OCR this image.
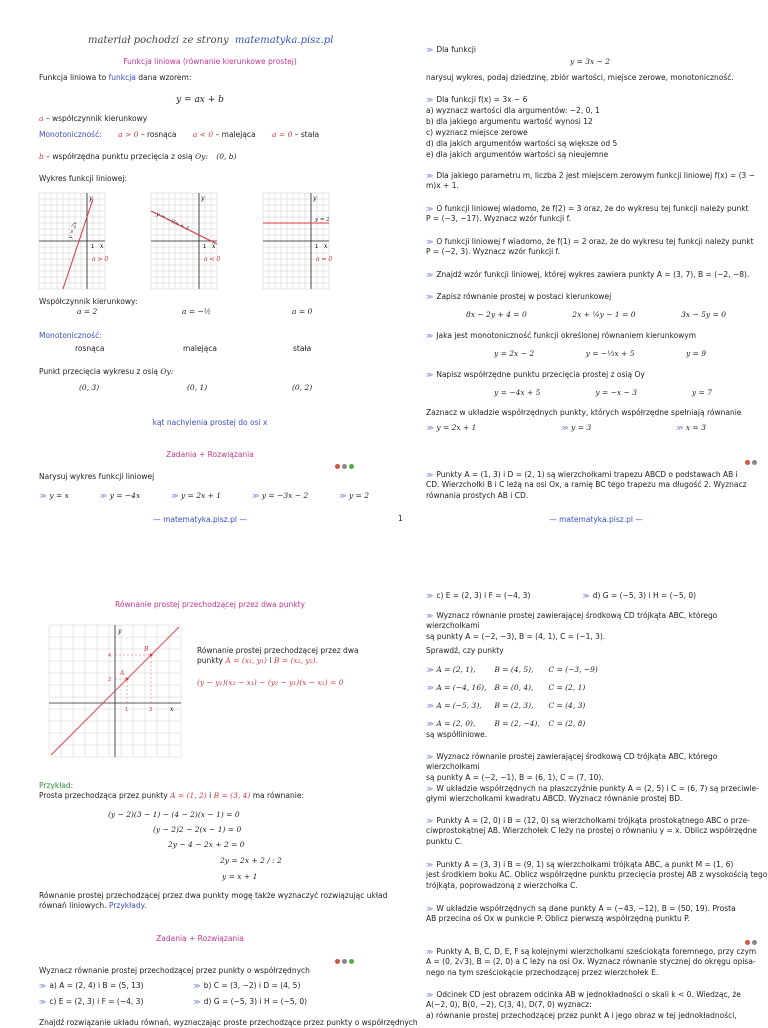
materiał pochodzi ze strony matematyka.pisz.pl
Funkcja liniowa (równanie kierunkowe prostej)
Funkcja liniowa to funkcja dana wzorem:
y = ax + b
a – współczynnik kierunkowy
Monotoniczność: a > 0 – rosnąca a < 0 – malejąca a = 0 – stała
b – współrzędna punktu przecięcia z osią Oy: (0, b)
Wykres funkcji liniowej:
x
y
1
y = 2x
a > 0
x
y
1
y = −½x + 1
a < 0
x
y
1
y = 2
a = 0
Współczynnik kierunkowy:
a = 2	a = −½	a = 0
Monotoniczność:
rosnąca	malejąca	stała
Punkt przecięcia wykresu z osią Oy:
(0, 3)	(0, 1)	(0, 2)
kąt nachylenia prostej do osi x
Zadania + Rozwiązania
Narysuj wykres funkcji liniowej
≫ y = x	≫ y = −4x	≫ y = 2x + 1	≫ y = −3x − 2	≫ y = 2
— matematyka.pisz.pl —	1
≫ Dla funkcji
y = 3x − 2
narysuj wykres, podaj dziedzinę, zbiór wartości, miejsce zerowe, monotoniczność.
≫ Dla funkcji f(x) = 3x − 6
a) wyznacz wartości dla argumentów: −2, 0, 1
b) dla jakiego argumentu wartość wynosi 12
c) wyznacz miejsce zerowe
d) dla jakich argumentów wartości są większe od 5
e) dla jakich argumentów wartości są nieujemne
≫ Dla jakiego parametru m, liczba 2 jest miejscem zerowym funkcji liniowej f(x) = (3 − m)x + 1.
≫ O funkcji liniowej wiadomo, że f(2) = 3 oraz, że do wykresu tej funkcji należy punkt
P = (−3, −17). Wyznacz wzór funkcji f.
≫ O funkcji liniowej f wiadomo, że f(1) = 2 oraz, że do wykresu tej funkcji należy punkt
P = (−2, 3). Wyznacz wzór funkcji f.
≫ Znajdź wzór funkcji liniowej, której wykres zawiera punkty A = (3, 7), B = (−2, −8).
≫ Zapisz równanie prostej w postaci kierunkowej
8x − 2y + 4 = 0	2x + ¼y − 1 = 0	3x − 5y = 0
≫ Jaka jest monotoniczność funkcji określonej równaniem kierunkowym
y = 2x − 2	y = −⅓x + 5	y = 9
≫ Napisz współrzędne punktu przecięcia prostej z osią Oy
y = −4x + 5	y = −x − 3	y = 7
Zaznacz w układzie współrzędnych punkty, których współrzędne spełniają równanie
≫ y = 2x + 1	≫ y = 3	≫ x = 3
≫ Punkty A = (1, 3) i D = (2, 1) są wierzchołkami trapezu ABCD o podstawach AB i
CD. Wierzchołki B i C leżą na osi Ox, a ramię BC tego trapezu ma długość 2. Wyznacz
równania prostych AB i CD.
— matematyka.pisz.pl —
Równanie prostej przechodzącej przez dwa punkty
A
B
x
y
4
2
1	3
Równanie prostej przechodzącej przez dwa
punkty A = (x₁, y₁) i B = (x₂, y₂).
(y − y₁)(x₂ − x₁) − (y₂ − y₁)(x − x₁) = 0
Przykład:
Prosta przechodząca przez punkty A = (1, 2) i B = (3, 4) ma równanie:
(y − 2)(3 − 1) − (4 − 2)(x − 1) = 0
(y − 2)2 − 2(x − 1) = 0
2y − 4 − 2x + 2 = 0
2y = 2x + 2 / : 2
y = x + 1
Równanie prostej przechodzącej przez dwa punkty mogę także wyznaczyć rozwiązując układ
równań liniowych. Przykłady.
Zadania + Rozwiązania
Wyznacz równanie prostej przechodzącej przez punkty o współrzędnych
≫ a) A = (2, 4) i B = (5, 13)	≫ b) C = (3, −2) i D = (4, 5)
≫ c) E = (2, 3) i F = (−4, 3)	≫ d) G = (−5, 3) i H = (−5, 0)
Znajdź rozwiązanie układu równań, wyznaczając proste przechodzące przez punkty o współrzędnych
≫ c) E = (2, 3) i F = (−4, 3)	≫ d) G = (−5, 3) i H = (−5, 0)
≫ Wyznacz równanie prostej zawierającej środkową CD trójkąta ABC, którego wierzchołkami
są punkty A = (−2, −3), B = (4, 1), C = (−1, 3).
Sprawdź, czy punkty
≫ A = (2, 1),	B = (4, 5), C = (−3, −9)
≫ A = (−4, 16), B = (0, 4), C = (2, 1)
≫ A = (−5, 3), B = (2, 3), C = (4, 3)
≫ A = (2, 0),	B = (2, −4), C = (2, 8)
są współliniowe.
≫ Wyznacz równanie prostej zawierającej środkową CD trójkąta ABC, którego wierzchołkami
są punkty A = (−2, −1), B = (6, 1), C = (7, 10).
≫ W układzie współrzędnych na płaszczyźnie punkty A = (2, 5) i C = (6, 7) są przeciwle-
głymi wierzchołkami kwadratu ABCD. Wyznacz równanie prostej BD.
≫ Punkty A = (2, 0) i B = (12, 0) są wierzchołkami trójkąta prostokątnego ABC o prze-
ciwprostokątnej AB. Wierzchołek C leży na prostej o równaniu y = x. Oblicz współrzędne
punktu C.
≫ Punkty A = (3, 3) i B = (9, 1) są wierzchołkami trójkąta ABC, a punkt M = (1, 6)
jest środkiem boku AC. Oblicz współrzędne punktu przecięcia prostej AB z wysokością tego
trójkąta, poprowadzoną z wierzchołka C.
≫ W układzie współrzędnych są dane punkty A = (−43, −12), B = (50, 19). Prosta
AB przecina oś Ox w punkcie P. Oblicz pierwszą współrzędną punktu P.
≫ Punkty A, B, C, D, E, F są kolejnymi wierzchołkami sześciokąta foremnego, przy czym
A = (0, 2√3), B = (2, 0) a C leży na osi Ox. Wyznacz równanie stycznej do okręgu opisa-
nego na tym sześciokącie przechodzącej przez wierzchołek E.
≫ Odcinek CD jest obrazem odcinka AB w jednokładności o skali k < 0. Wiedząc, że
A(−2, 0), B(0, −2), C(3, 4), D(7, 0) wyznacz:
a) równanie prostej przechodzącej przez punkt A i jego obraz w tej jednokładności,
